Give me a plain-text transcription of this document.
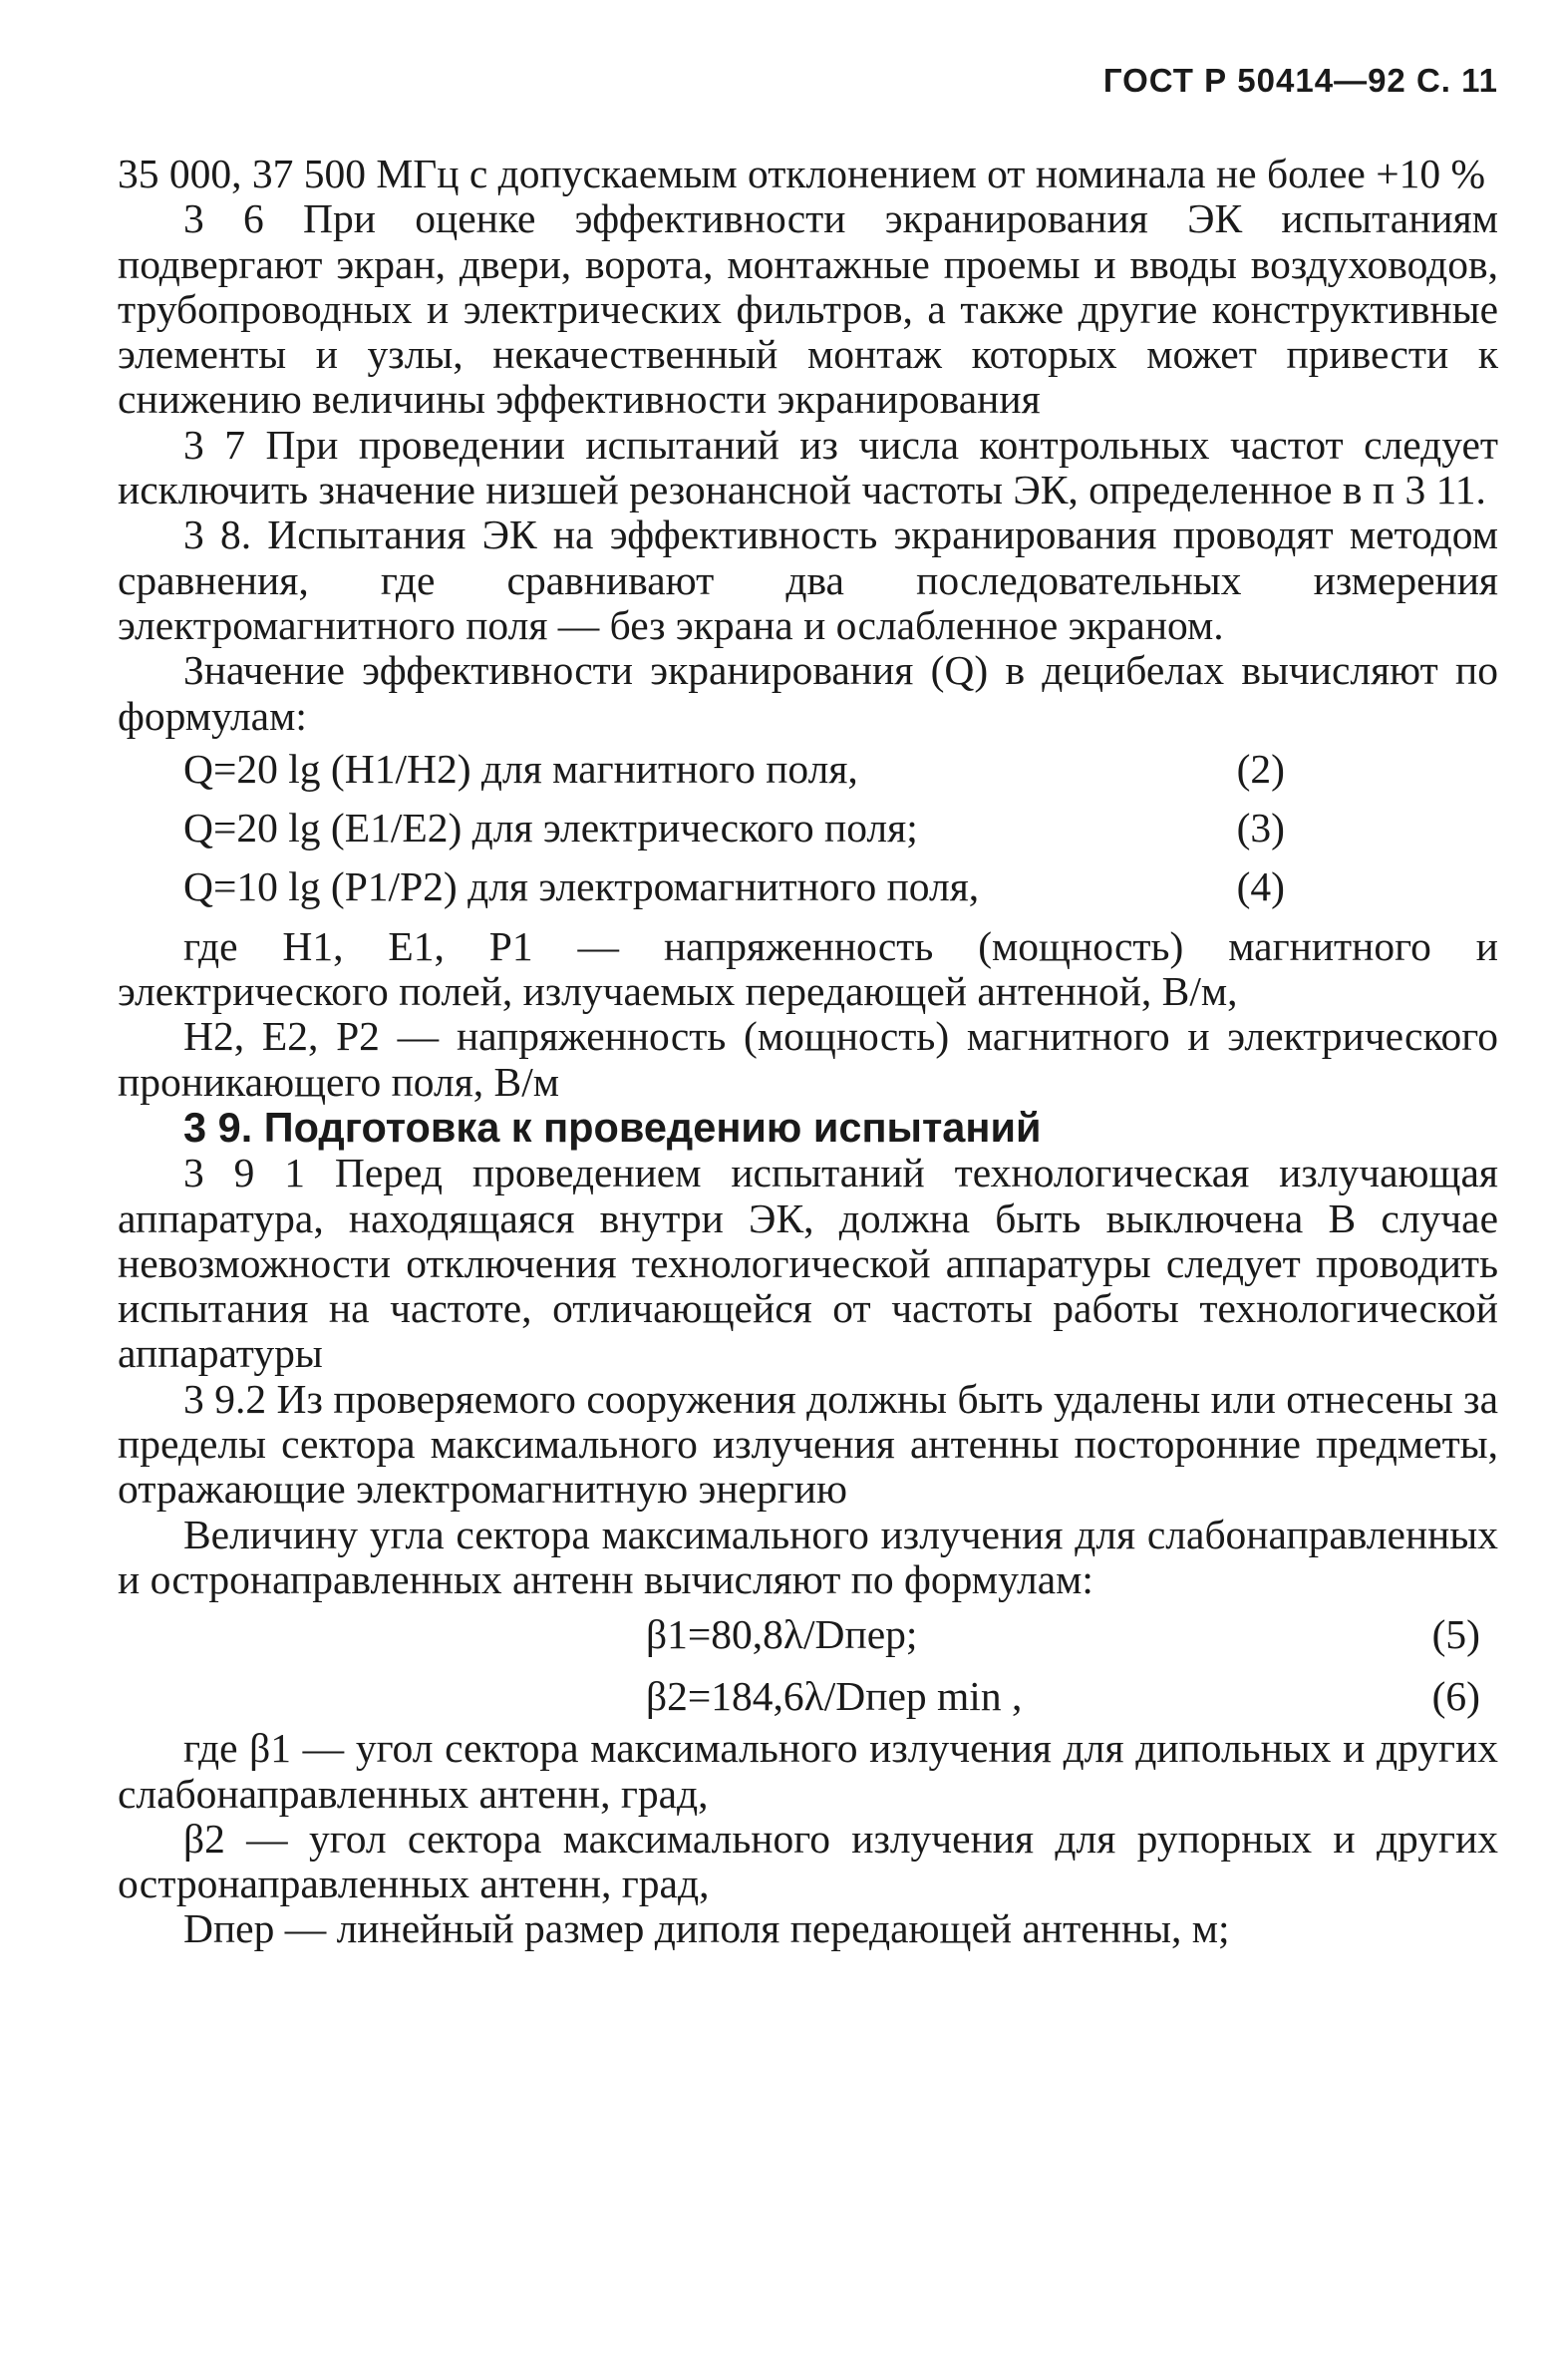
ГОСТ Р 50414—92 С. 11

35 000, 37 500 МГц с допускаемым отклонением от номинала не более +10 %

3 6 При оценке эффективности экранирования ЭК испытаниям подвергают экран, двери, ворота, монтажные проемы и вводы воздуховодов, трубопроводных и электрических фильтров, а также другие конструктивные элементы и узлы, некачественный монтаж которых может привести к снижению величины эффективности экранирования

3 7 При проведении испытаний из числа контрольных частот следует исключить значение низшей резонансной частоты ЭК, определенное в п 3 11.

3 8. Испытания ЭК на эффективность экранирования проводят методом сравнения, где сравнивают два последовательных измерения электромагнитного поля — без экрана и ослабленное экраном.

Значение эффективности экранирования (Q) в децибелах вычисляют по формулам:

Q=20 lg (H1/H2) для магнитного поля,	(2)
Q=20 lg (E1/E2) для электрического поля;	(3)
Q=10 lg (P1/P2) для электромагнитного поля,	(4)

где H1, E1, P1 — напряженность (мощность) магнитного и электрического полей, излучаемых передающей антенной, В/м,

H2, E2, P2 — напряженность (мощность) магнитного и электрического проникающего поля, В/м

3 9. Подготовка к проведению испытаний

3 9 1 Перед проведением испытаний технологическая излучающая аппаратура, находящаяся внутри ЭК, должна быть выключена В случае невозможности отключения технологической аппаратуры следует проводить испытания на частоте, отличающейся от частоты работы технологической аппаратуры

3 9.2 Из проверяемого сооружения должны быть удалены или отнесены за пределы сектора максимального излучения антенны посторонние предметы, отражающие электромагнитную энергию

Величину угла сектора максимального излучения для слабонаправленных и остронаправленных антенн вычисляют по формулам:

β1=80,8λ/Dпер;	(5)
β2=184,6λ/Dпер min ,	(6)

где β1 — угол сектора максимального излучения для дипольных и других слабонаправленных антенн, град,

β2 — угол сектора максимального излучения для рупорных и других остронаправленных антенн, град,

Dпер — линейный размер диполя передающей антенны, м;
